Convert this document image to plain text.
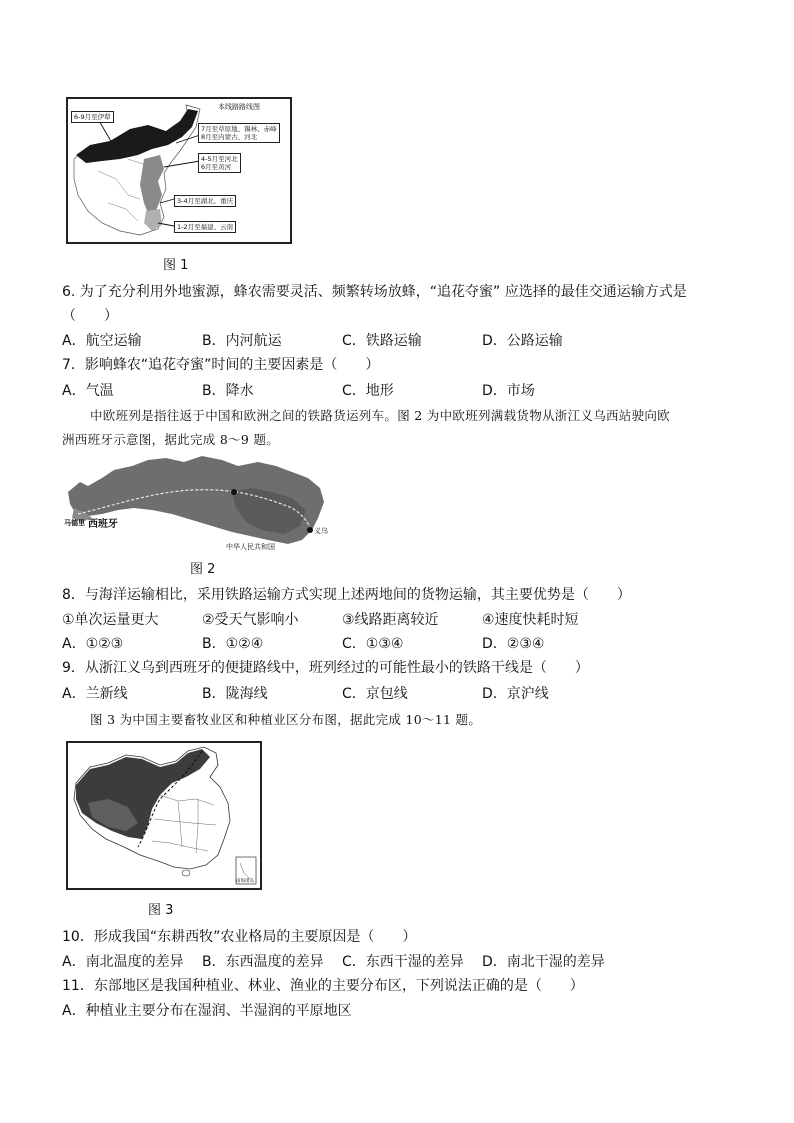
本线路路线图
6-9月至伊犁
7月至草原地、锡林、赤峰
8月至内蒙古、河北
4-5月至河北
6月至黄河
3-4月至湖北、重庆
1-2月至福建、云南
图 1
6. 为了充分利用外地蜜源，蜂农需要灵活、频繁转场放蜂，“追花夺蜜” 应选择的最佳交通运输方式是
（　　）
A．航空运输	B．内河航运	C．铁路运输	D．公路运输
7．影响蜂农“追花夺蜜”时间的主要因素是（　　）
A．气温	B．降水	C．地形	D．市场
中欧班列是指往返于中国和欧洲之间的铁路货运列车。图 2 为中欧班列满载货物从浙江义乌西站驶向欧
洲西班牙示意图，据此完成 8～9 题。
马德里 西班牙
中华人民共和国
义乌
图 2
8．与海洋运输相比，采用铁路运输方式实现上述两地间的货物运输，其主要优势是（　　）
①单次运量更大	②受天气影响小	③线路距离较近	④速度快耗时短
A．①②③	B．①②④	C．①③④	D．②③④
9．从浙江义乌到西班牙的便捷路线中，班列经过的可能性最小的铁路干线是（　　）
A．兰新线	B．陇海线	C．京包线	D．京沪线
图 3 为中国主要畜牧业区和种植业区分布图，据此完成 10～11 题。
年降水量400毫米线
南海诸岛
图 3
10．形成我国“东耕西牧”农业格局的主要原因是（　　）
A．南北温度的差异 B．东西温度的差异 C．东西干湿的差异 D．南北干湿的差异
11．东部地区是我国种植业、林业、渔业的主要分布区，下列说法正确的是（　　）
A．种植业主要分布在湿润、半湿润的平原地区
